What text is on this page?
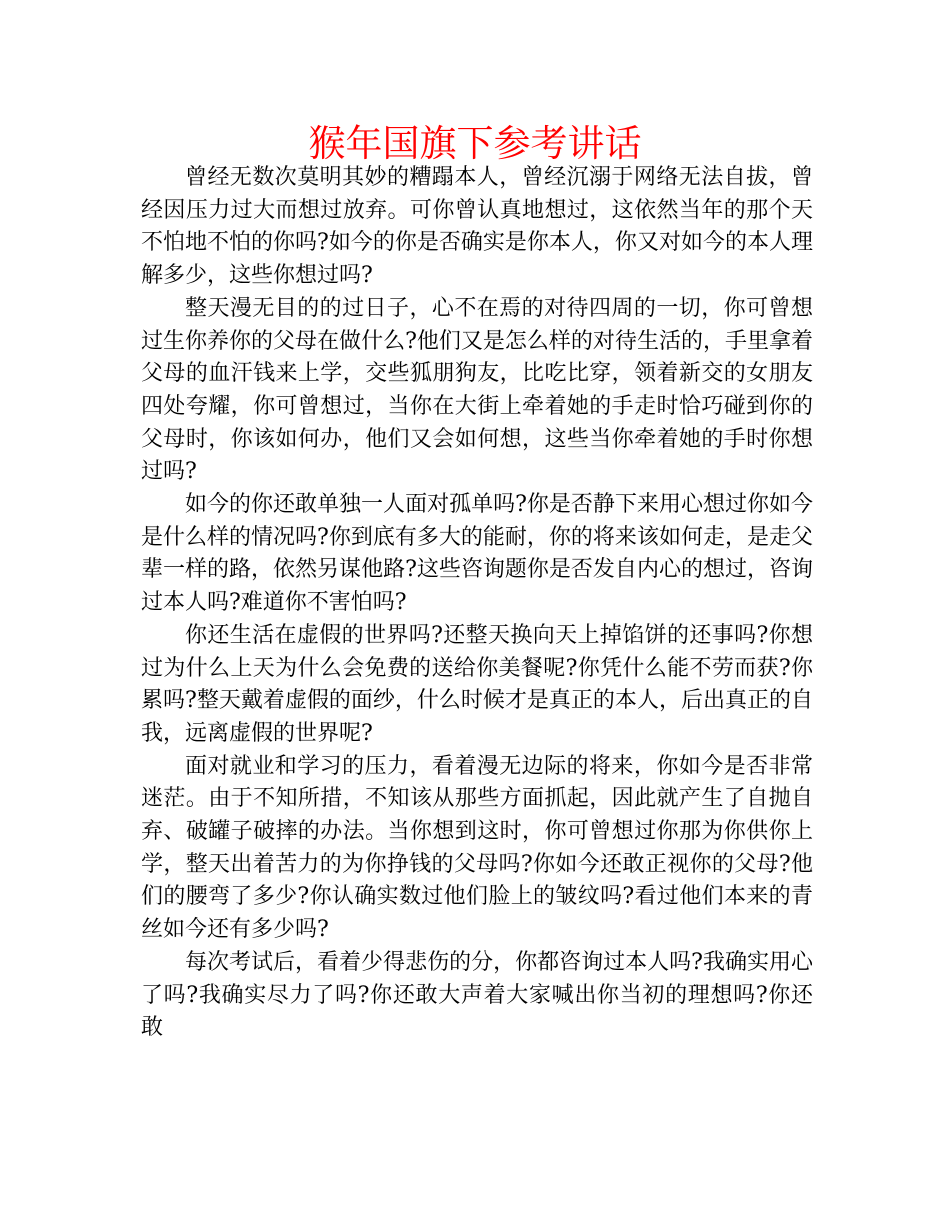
猴年国旗下参考讲话

曾经无数次莫明其妙的糟蹋本人，曾经沉溺于网络无法自拔，曾经因压力过大而想过放弃。可你曾认真地想过，这依然当年的那个天不怕地不怕的你吗?如今的你是否确实是你本人，你又对如今的本人理解多少，这些你想过吗?

整天漫无目的的过日子，心不在焉的对待四周的一切，你可曾想过生你养你的父母在做什么?他们又是怎么样的对待生活的，手里拿着父母的血汗钱来上学，交些狐朋狗友，比吃比穿，领着新交的女朋友四处夸耀，你可曾想过，当你在大街上牵着她的手走时恰巧碰到你的父母时，你该如何办，他们又会如何想，这些当你牵着她的手时你想过吗?

如今的你还敢单独一人面对孤单吗?你是否静下来用心想过你如今是什么样的情况吗?你到底有多大的能耐，你的将来该如何走，是走父辈一样的路，依然另谋他路?这些咨询题你是否发自内心的想过，咨询过本人吗?难道你不害怕吗?

你还生活在虚假的世界吗?还整天换向天上掉馅饼的还事吗?你想过为什么上天为什么会免费的送给你美餐呢?你凭什么能不劳而获?你累吗?整天戴着虚假的面纱，什么时候才是真正的本人，后出真正的自我，远离虚假的世界呢?

面对就业和学习的压力，看着漫无边际的将来，你如今是否非常迷茫。由于不知所措，不知该从那些方面抓起，因此就产生了自抛自弃、破罐子破摔的办法。当你想到这时，你可曾想过你那为你供你上学，整天出着苦力的为你挣钱的父母吗?你如今还敢正视你的父母?他们的腰弯了多少?你认确实数过他们脸上的皱纹吗?看过他们本来的青丝如今还有多少吗?

每次考试后，看着少得悲伤的分，你都咨询过本人吗?我确实用心了吗?我确实尽力了吗?你还敢大声着大家喊出你当初的理想吗?你还敢
